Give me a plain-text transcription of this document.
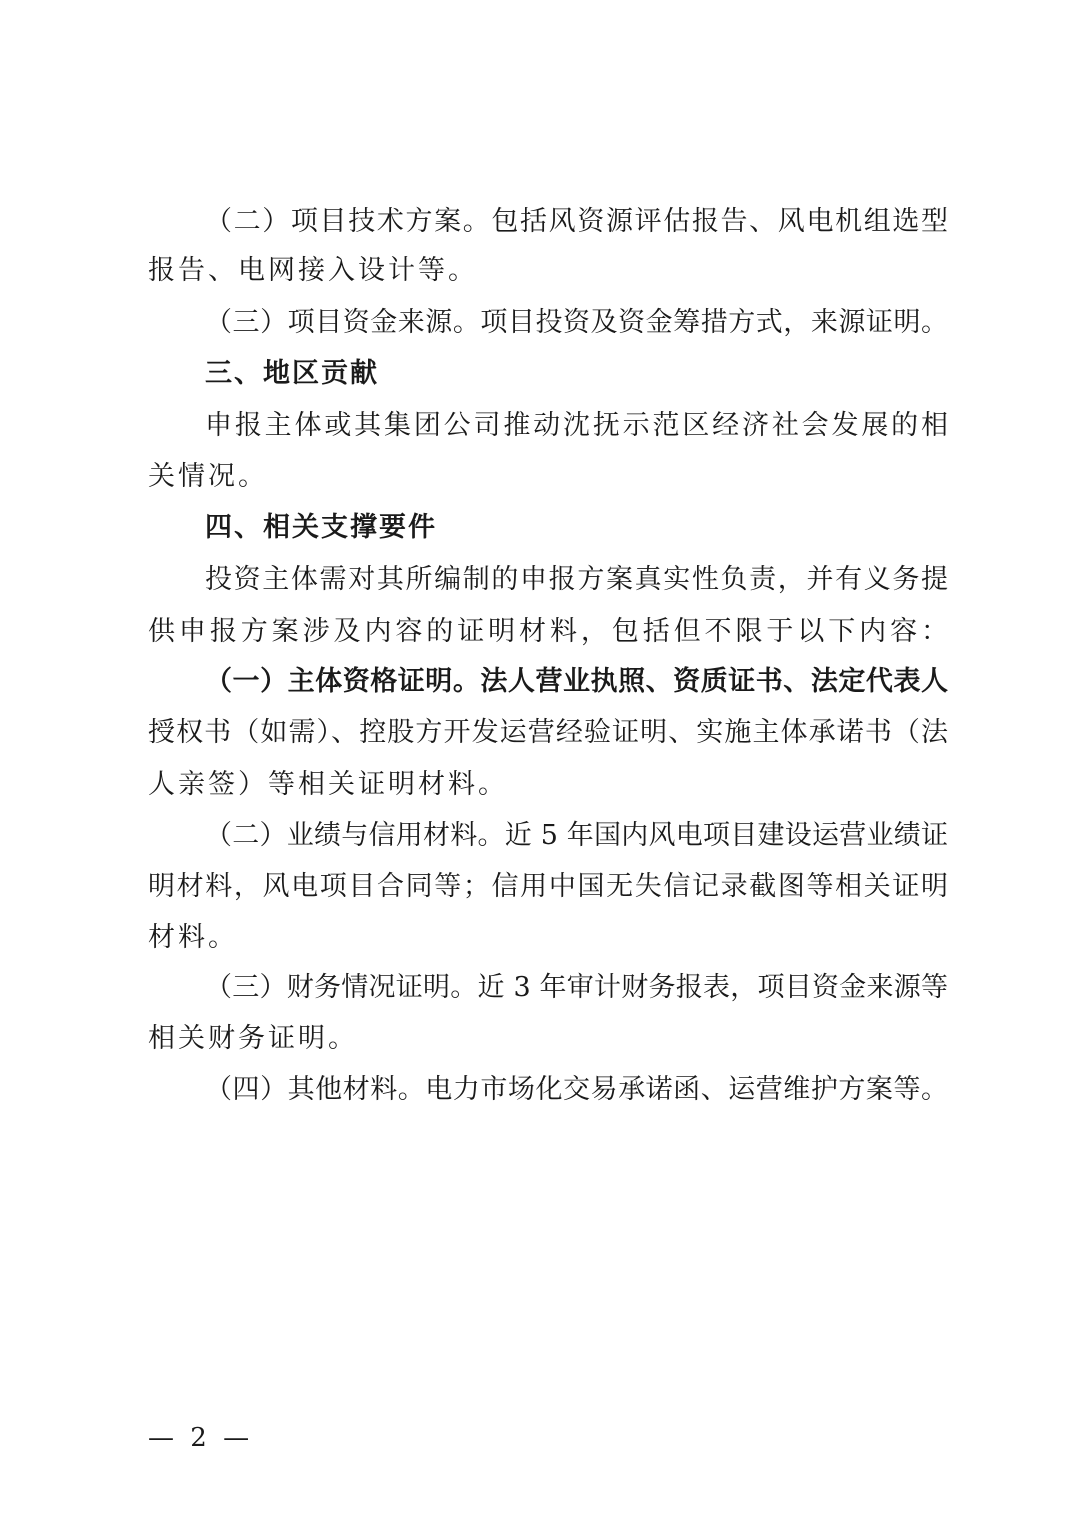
（二）项目技术方案。包括风资源评估报告、风电机组选型
报告、电网接入设计等。
（三）项目资金来源。项目投资及资金筹措方式，来源证明。
三、地区贡献
申报主体或其集团公司推动沈抚示范区经济社会发展的相
关情况。
四、相关支撑要件
投资主体需对其所编制的申报方案真实性负责，并有义务提
供申报方案涉及内容的证明材料，包括但不限于以下内容：
（一）主体资格证明。法人营业执照、资质证书、法定代表人
授权书（如需）、控股方开发运营经验证明、实施主体承诺书（法
人亲签）等相关证明材料。
（二）业绩与信用材料。近 5 年国内风电项目建设运营业绩证
明材料，风电项目合同等；信用中国无失信记录截图等相关证明
材料。
（三）财务情况证明。近 3 年审计财务报表，项目资金来源等
相关财务证明。
（四）其他材料。电力市场化交易承诺函、运营维护方案等。
— 2 —
